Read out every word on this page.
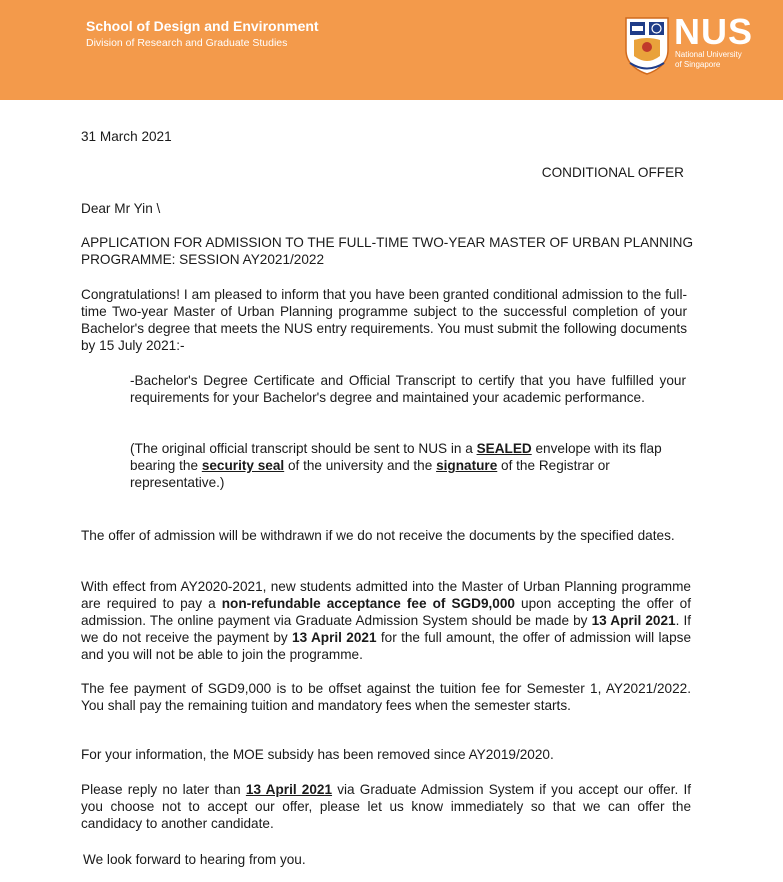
School of Design and Environment
Division of Research and Graduate Studies	NUS
National University
of Singapore

31 March 2021

CONDITIONAL OFFER

Dear Mr Yin \

APPLICATION FOR ADMISSION TO THE FULL-TIME TWO-YEAR MASTER OF URBAN PLANNING PROGRAMME: SESSION AY2021/2022

Congratulations! I am pleased to inform that you have been granted conditional admission to the full-time Two-year Master of Urban Planning programme subject to the successful completion of your Bachelor's degree that meets the NUS entry requirements. You must submit the following documents by 15 July 2021:-

-Bachelor's Degree Certificate and Official Transcript to certify that you have fulfilled your requirements for your Bachelor's degree and maintained your academic performance.

(The original official transcript should be sent to NUS in a SEALED envelope with its flap bearing the security seal of the university and the signature of the Registrar or representative.)

The offer of admission will be withdrawn if we do not receive the documents by the specified dates.

With effect from AY2020-2021, new students admitted into the Master of Urban Planning programme are required to pay a non-refundable acceptance fee of SGD9,000 upon accepting the offer of admission. The online payment via Graduate Admission System should be made by 13 April 2021. If we do not receive the payment by 13 April 2021 for the full amount, the offer of admission will lapse and you will not be able to join the programme.

The fee payment of SGD9,000 is to be offset against the tuition fee for Semester 1, AY2021/2022. You shall pay the remaining tuition and mandatory fees when the semester starts.

For your information, the MOE subsidy has been removed since AY2019/2020.

Please reply no later than 13 April 2021 via Graduate Admission System if you accept our offer. If you choose not to accept our offer, please let us know immediately so that we can offer the candidacy to another candidate.

We look forward to hearing from you.
